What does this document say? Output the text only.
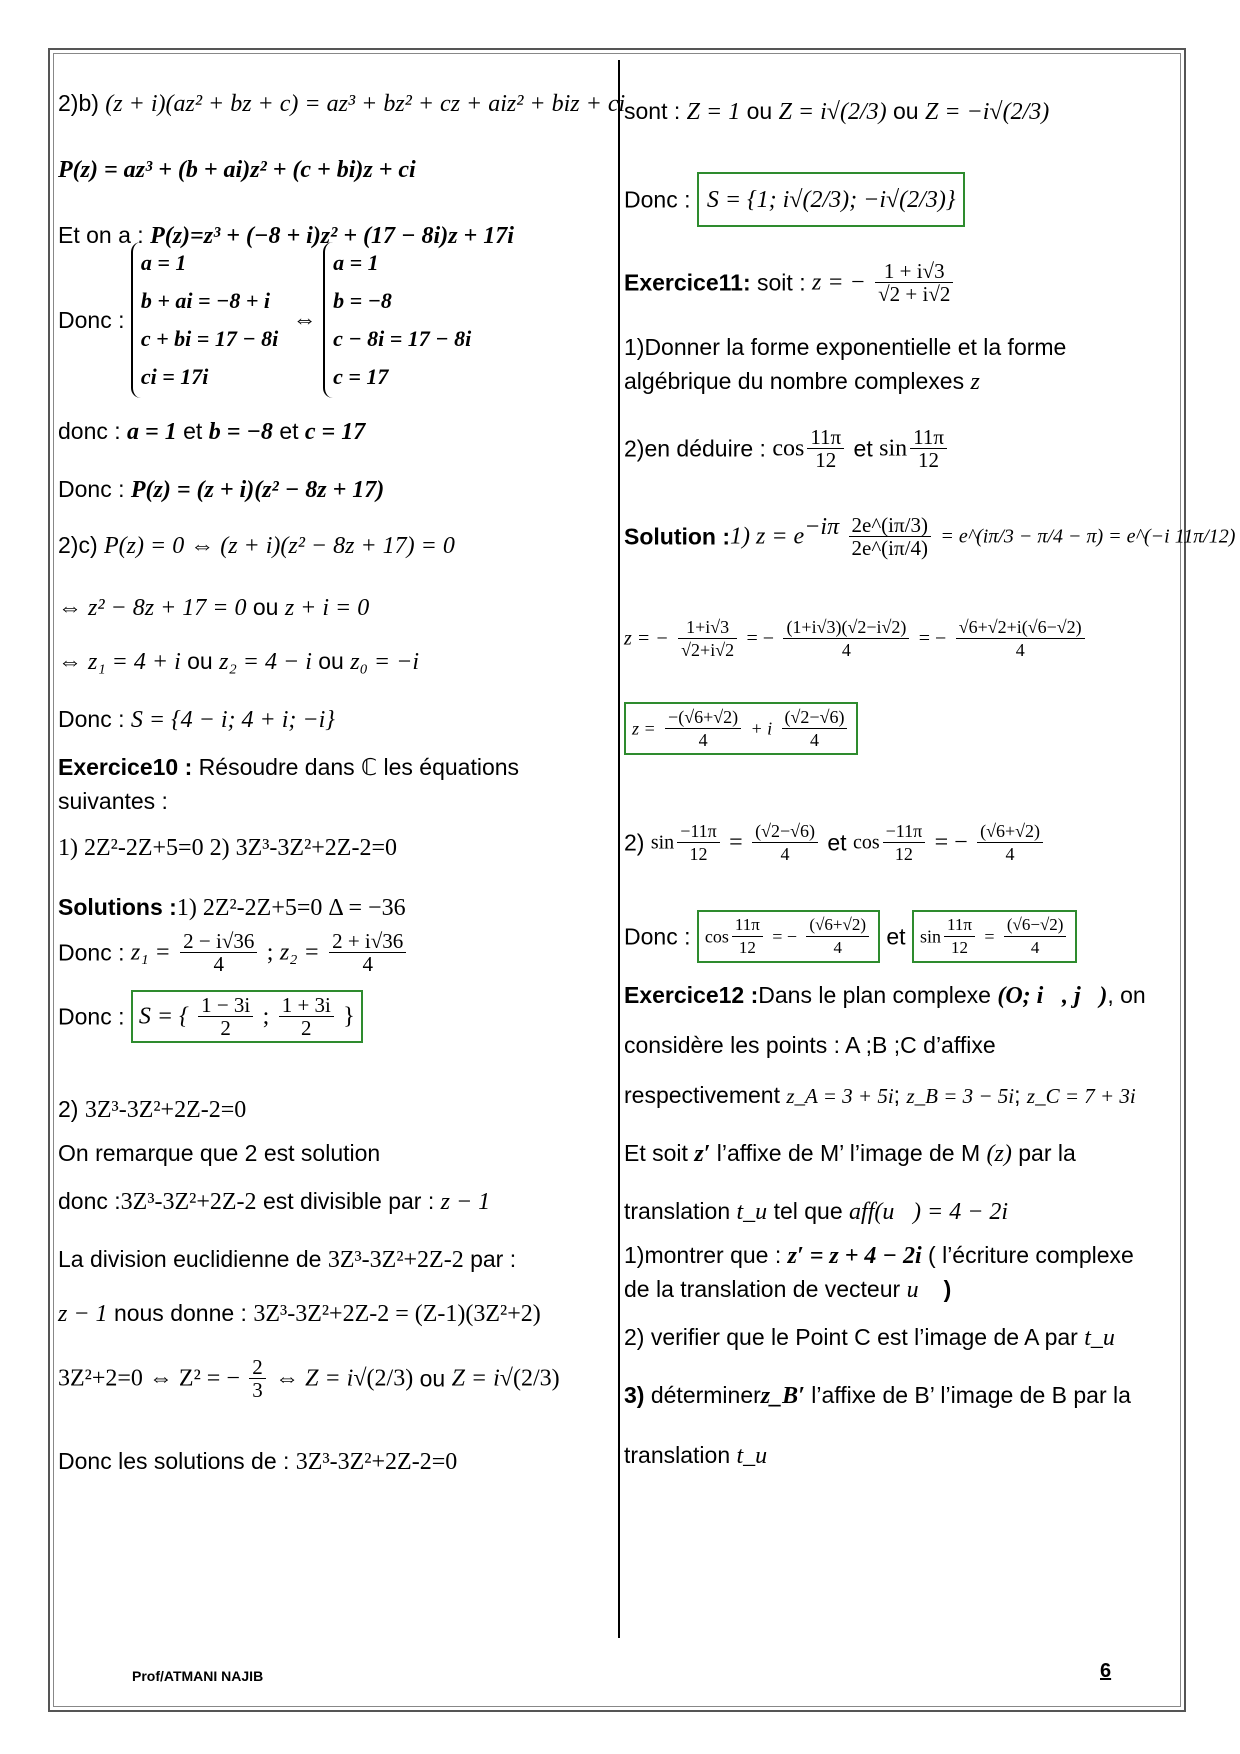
2)b) (z + i)(az² + bz + c) = az³ + bz² + cz + aiz² + biz + ci
P(z) = az³ + (b + ai)z² + (c + bi)z + ci
Et on a : P(z)=z³ + (−8 + i)z² + (17 − 8i)z + 17i
Donc :
a = 1
b + ai = −8 + i
c + bi = 17 − 8i
ci = 17i
⇔
a = 1
b = −8
c − 8i = 17 − 8i
c = 17
donc : a = 1 et b = −8 et c = 17
Donc : P(z) = (z + i)(z² − 8z + 17)
2)c) P(z) = 0 ⇔ (z + i)(z² − 8z + 17) = 0
⇔ z² − 8z + 17 = 0 ou z + i = 0
⇔ z₁ = 4 + i ou z₂ = 4 − i ou z₀ = −i
Donc : S = {4 − i; 4 + i; −i}
Exercice10 : Résoudre dans ℂ les équations
suivantes :
1) 2Z²-2Z+5=0 2) 3Z³-3Z²+2Z-2=0
Solutions :1) 2Z²-2Z+5=0 Δ = −36
Donc : $z_1 = \frac{2 - i√36}{4}$ ; $z_2 = \frac{2 + i√36}{4}$
Donc : S = { $\frac{1 - 3i}{2}$ ; $\frac{1 + 3i}{2}$ }
2) 3Z³-3Z²+2Z-2=0
On remarque que 2 est solution
donc :3Z³-3Z²+2Z-2 est divisible par : z − 1
La division euclidienne de 3Z³-3Z²+2Z-2 par :
z − 1 nous donne : 3Z³-3Z²+2Z-2 = (Z-1)(3Z²+2)
3Z²+2=0 ⇔ Z² = − $\frac{2}{3}$ ⇔ Z = i√(2/3) ou Z = i√(2/3)
Donc les solutions de : 3Z³-3Z²+2Z-2=0
sont : Z = 1 ou Z = i√(2/3) ou Z = −i√(2/3)
Donc : S = {1; i√(2/3); −i√(2/3)}
Exercice11: soit : z = − $\frac{1 + i√3}{√2 + i√2}$
1)Donner la forme exponentielle et la forme
algébrique du nombre complexes z
2)en déduire : $\cos \frac{11\pi}{12}$ et $\sin \frac{11\pi}{12}$
Solution :1) $z = e^{-i\pi} \frac{2e\^{}(i\pi/3)}{2e\^{}(i\pi/4)}$ = e^(iπ/3 − π/4 − π) = e^(−i 11π/12)
z = − $\frac{1+i√3}{√2+i√2}$ = − $\frac{(1+i√3)(√2-i√2)}{4}$ = − $\frac{√6+√2+i(√6-√2)}{4}$
$z = \frac{-(√6+√2)}{4} + i \frac{(√2-√6)}{4}$
2) $\sin \frac{-11\pi}{12} = \frac{(√2-√6)}{4}$ et $\cos \frac{-11\pi}{12}$ = − $\frac{(√6+√2)}{4}$
Donc : $\cos \frac{11\pi}{12}$ = − $\frac{(√6+√2)}{4}$ et $\sin \frac{11\pi}{12} = \frac{(√6-√2)}{4}$
Exercice12 :Dans le plan complexe (O; i⃗, j⃗), on
considère les points : A ;B ;C d’affixe
respectivement z_A = 3 + 5i; z_B = 3 − 5i; z_C = 7 + 3i
Et soit z′ l’affixe de M’ l’image de M (z) par la
translation t_u tel que aff(u⃗) = 4 − 2i
1)montrer que : z′ = z + 4 − 2i ( l’écriture complexe
de la translation de vecteur u⃗ )
2) verifier que le Point C est l’image de A par t_u
3) déterminerz_B′ l’affixe de B’ l’image de B par la
translation t_u
Prof/ATMANI NAJIB	6
